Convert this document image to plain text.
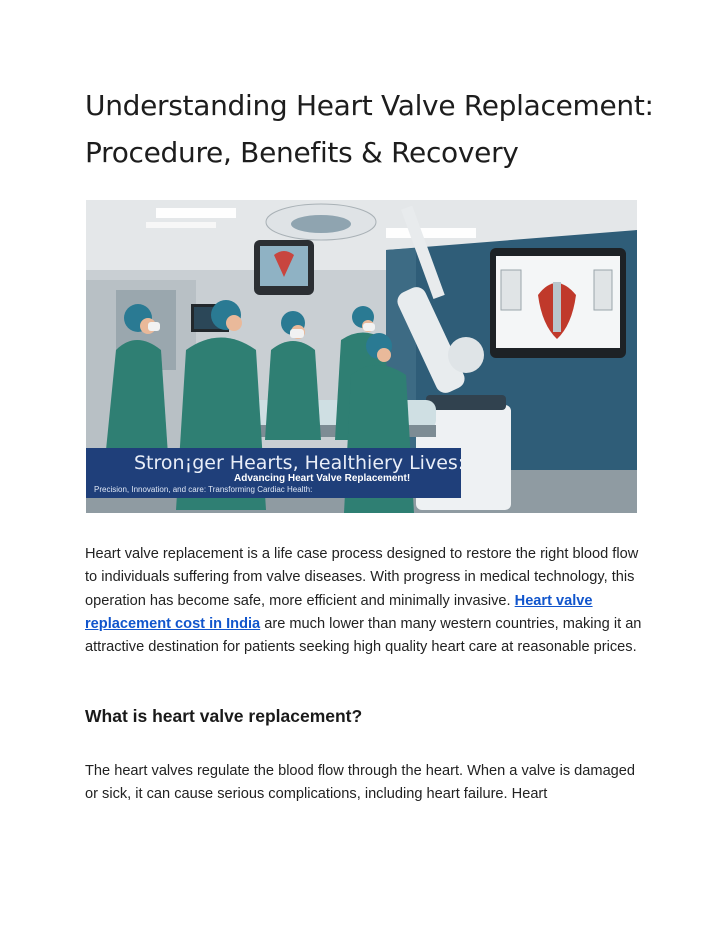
Understanding Heart Valve Replacement: Procedure, Benefits & Recovery
Stron¡ger Hearts, Healthiery Lives:
Advancing Heart Valve Replacement!
Precision, Innovation, and care: Transforming Cardiac Health:

Heart valve replacement is a life case process designed to restore the right blood flow to individuals suffering from valve diseases. With progress in medical technology, this operation has become safe, more efficient and minimally invasive. Heart valve replacement cost in India are much lower than many western countries, making it an attractive destination for patients seeking high quality heart care at reasonable prices.

What is heart valve replacement?

The heart valves regulate the blood flow through the heart. When a valve is damaged or sick, it can cause serious complications, including heart failure. Heart
